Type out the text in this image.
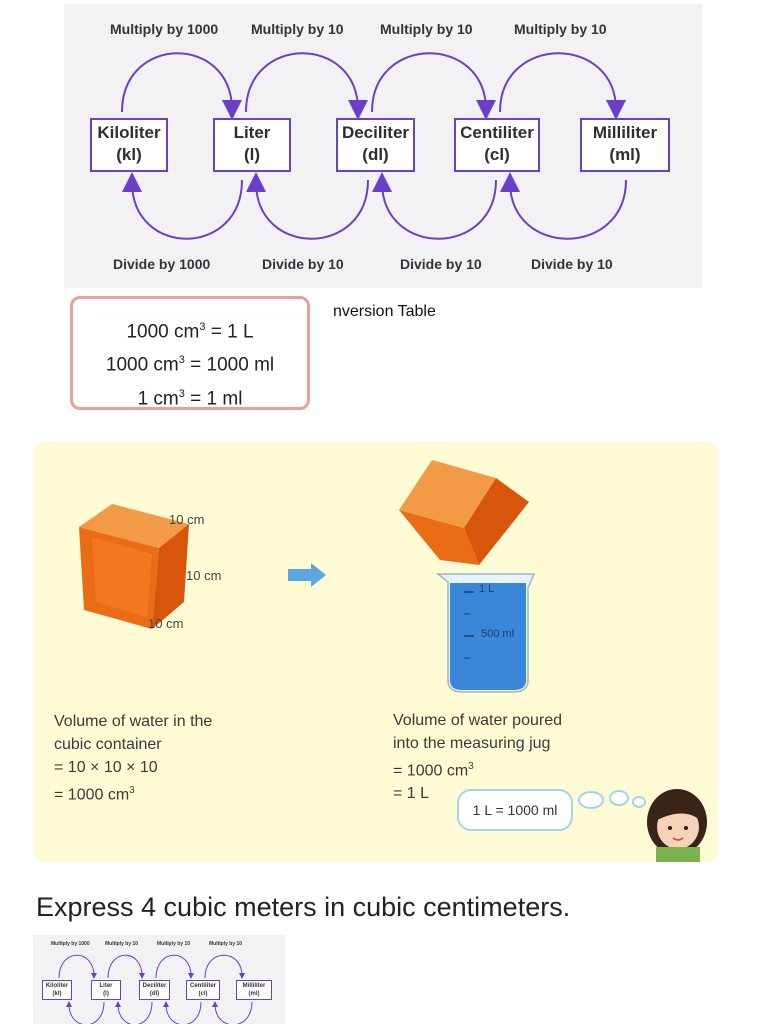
Multiply by 1000 Multiply by 10	Multiply by 10	Multiply by 10
Kiloliter
(kl)
Liter
(l)
Deciliter
(dl)
Centiliter
(cl)
Milliliter
(ml)
Divide by 1000	Divide by 10	Divide by 10	Divide by 10
1000 $cm^3 = 1$ L
1000 $cm^3 = 1000$ ml
1 $cm^3 = 1$ ml
nversion Table
10 cm
10 cm
10 cm
1 L
500 ml
Volume of water in the
cubic container
= 10 × 10 × 10
= 1000 $cm^3$
Volume of water poured
into the measuring jug
= 1000 $cm^3$
= 1 L
1 L = 1000 ml
Express 4 cubic meters in cubic centimeters.
Multiply by 1000	Multiply by 10	Multiply by 10	Multiply by 10
Kiloliter
(kl)
Liter
(l)
Deciliter
(dl)
Centiliter
(cl)
Milliliter
(ml)
